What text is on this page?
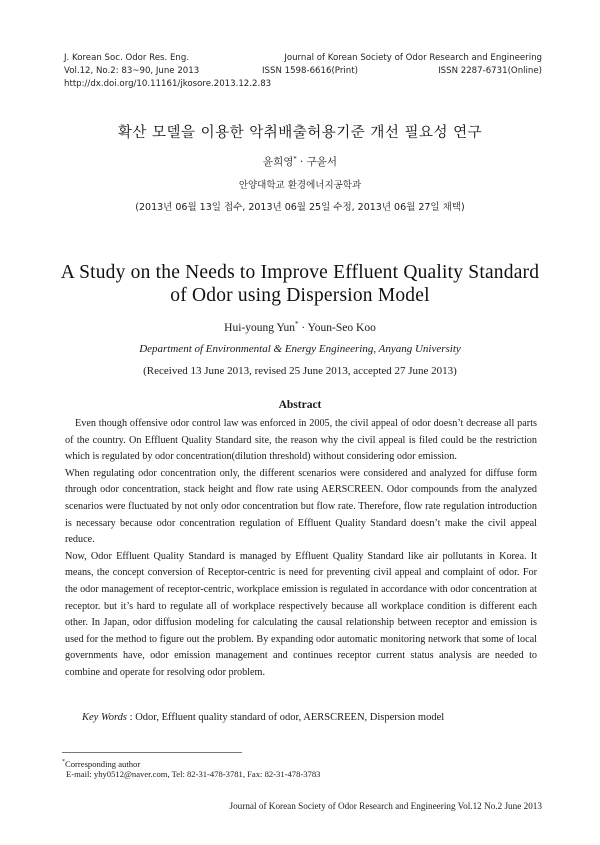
J. Korean Soc. Odor Res. Eng.
Vol.12, No.2: 83~90, June 2013
http://dx.doi.org/10.11161/jkosore.2013.12.2.83
Journal of Korean Society of Odor Research and Engineering
ISSN 1598-6616(Print)	ISSN 2287-6731(Online)
확산 모델을 이용한 악취배출허용기준 개선 필요성 연구
윤희영* · 구윤서
안양대학교 환경에너지공학과
(2013년 06월 13일 접수, 2013년 06월 25일 수정, 2013년 06월 27일 채택)
A Study on the Needs to Improve Effluent Quality Standard
of Odor using Dispersion Model
Hui-young Yun* · Youn-Seo Koo
Department of Environmental & Energy Engineering, Anyang University
(Received 13 June 2013, revised 25 June 2013, accepted 27 June 2013)
Abstract

Even though offensive odor control law was enforced in 2005, the civil appeal of odor doesn’t decrease all parts of the country. On Effluent Quality Standard site, the reason why the civil appeal is filed could be the restriction which is regulated by odor concentration(dilution threshold) without considering odor emission.

When regulating odor concentration only, the different scenarios were considered and analyzed for diffuse form through odor concentration, stack height and flow rate using AERSCREEN. Odor compounds from the analyzed scenarios were fluctuated by not only odor concentration but flow rate. Therefore, flow rate regulation introduction is necessary because odor concentration regulation of Effluent Quality Standard doesn’t make the civil appeal reduce.

Now, Odor Effluent Quality Standard is managed by Effluent Quality Standard like air pollutants in Korea. It means, the concept conversion of Receptor-centric is need for preventing civil appeal and complaint of odor. For the odor management of receptor-centric, workplace emission is regulated in accordance with odor concentration at receptor. but it’s hard to regulate all of workplace respectively because all workplace condition is different each other. In Japan, odor diffusion modeling for calculating the causal relationship between receptor and emission is used for the method to figure out the problem. By expanding odor automatic monitoring network that some of local governments have, odor emission management and continues receptor current status analysis are needed to combine and operate for resolving odor problem.

Key Words : Odor, Effluent quality standard of odor, AERSCREEN, Dispersion model
*Corresponding author
E-mail: yhy0512@naver.com, Tel: 82-31-478-3781, Fax: 82-31-478-3783
Journal of Korean Society of Odor Research and Engineering Vol.12 No.2 June 2013
